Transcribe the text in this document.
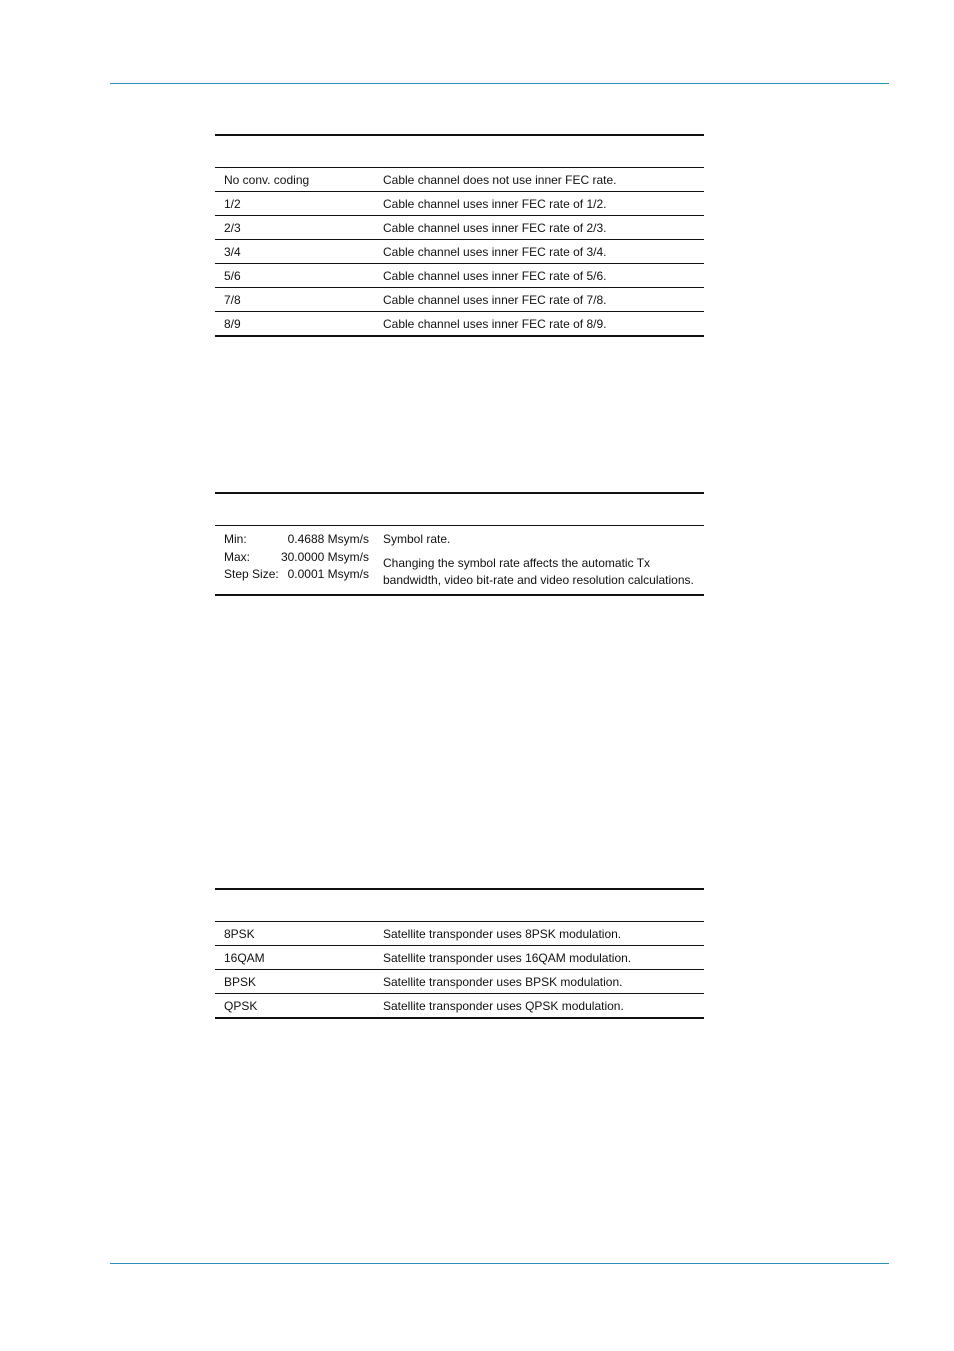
No conv. coding	Cable channel does not use inner FEC rate.
1/2	Cable channel uses inner FEC rate of 1/2.
2/3	Cable channel uses inner FEC rate of 2/3.
3/4	Cable channel uses inner FEC rate of 3/4.
5/6	Cable channel uses inner FEC rate of 5/6.
7/8	Cable channel uses inner FEC rate of 7/8.
8/9	Cable channel uses inner FEC rate of 8/9.

Min:	0.4688 Msym/s
Max:	30.0000 Msym/s
Step Size: 0.0001 Msym/s

Symbol rate.
Changing the symbol rate affects the automatic Tx bandwidth, video bit-rate and video resolution calculations.

8PSK	Satellite transponder uses 8PSK modulation.
16QAM	Satellite transponder uses 16QAM modulation.
BPSK	Satellite transponder uses BPSK modulation.
QPSK	Satellite transponder uses QPSK modulation.
